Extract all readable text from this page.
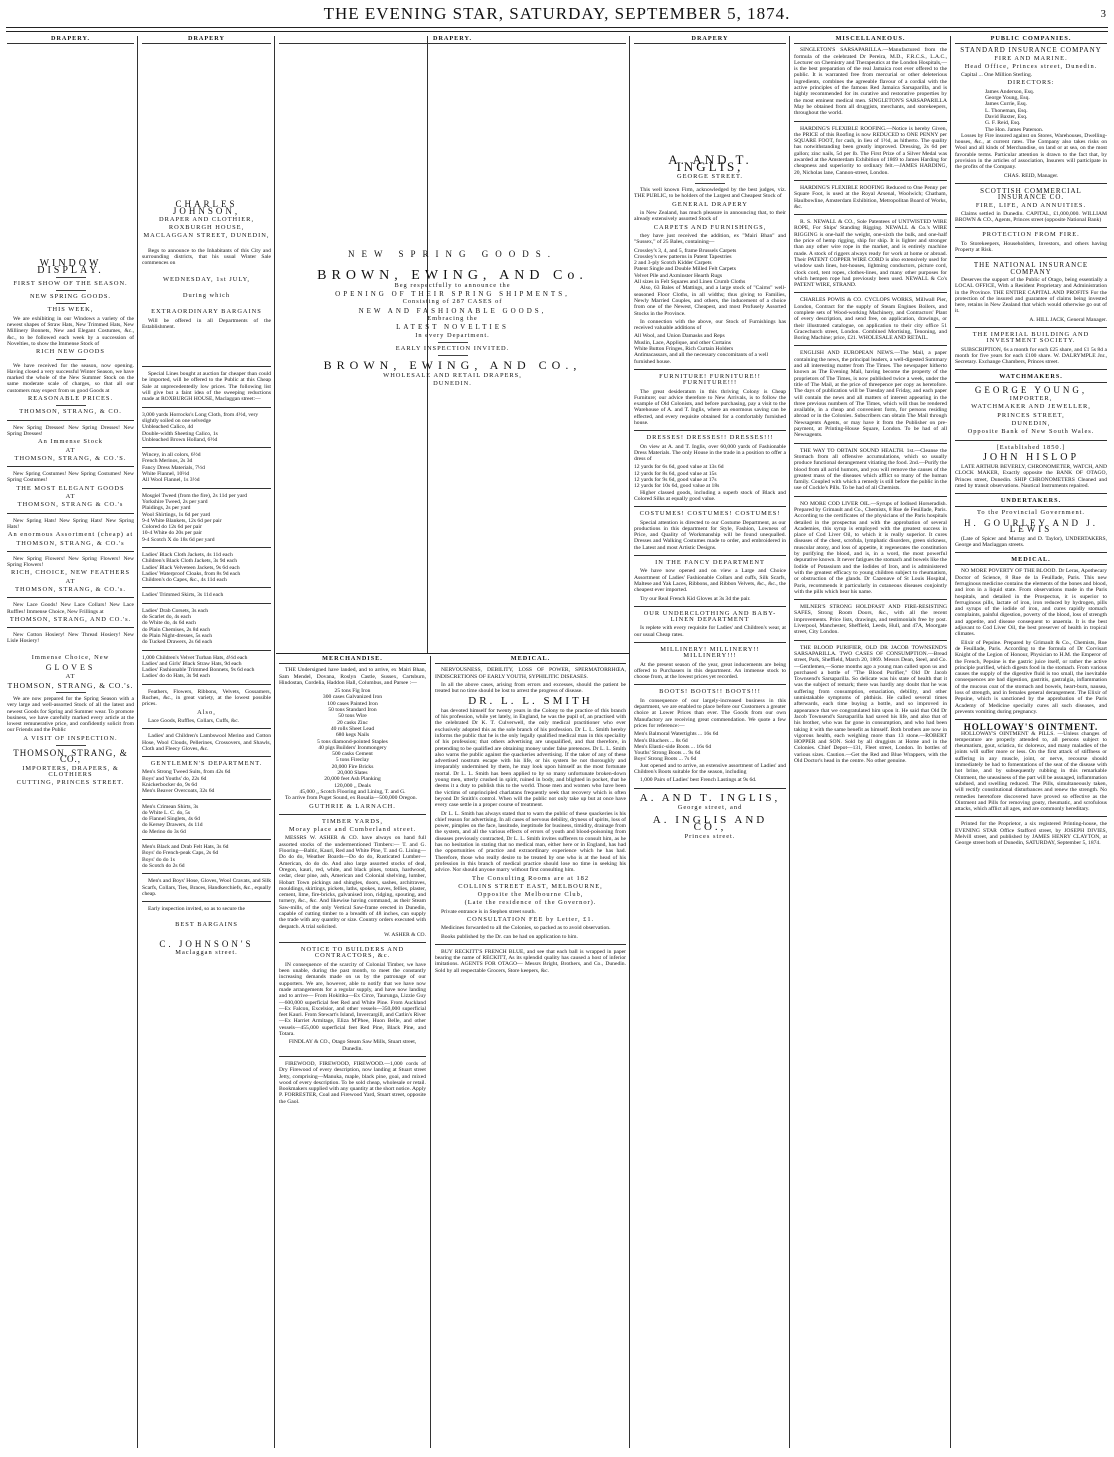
THE EVENING STAR, SATURDAY, SEPTEMBER 5, 1874.
DRAPERY.
WINDOW DISPLAY.
FIRST SHOW OF THE SEASON.
NEW SPRING GOODS.
THIS WEEK,
We are exhibiting in our Windows a variety of the newest shapes of Straw Hats, New Trimmed Hats, New Millinery Bonnets, New and Elegant Costumes, &c., &c., to be followed each week by a succession of Novelties, to show the Immense Stock of
RICH NEW GOODS
We have received for the season, now opening. Having closed a very successful Winter Season, we have marked the whole of the New Summer Stock on the same moderate scale of charges, so that all our customers may expect from us good Goods at
REASONABLE PRICES.
THOMSON, STRANG, & CO.
New Spring Dresses! New Spring Dresses! New Spring Dresses!
An Immense Stock
AT
THOMSON, STRANG, & CO.'S.
New Spring Costumes! New Spring Costumes! New Spring Costumes!
THE MOST ELEGANT GOODS
AT
THOMSON, STRANG & CO.'s
New Spring Hats! New Spring Hats! New Spring Hats!
An enormous Assortment (cheap) at
THOMSON, STRANG, & CO.'s
New Spring Flowers! New Spring Flowers! New Spring Flowers!
RICH, CHOICE, NEW FEATHERS
AT
THOMSON, STRANG, & CO.'s.
New Lace Goods! New Lace Collars! New Lace Ruffles! Immense Choice, New Frillings at
THOMSON, STRANG, AND CO.'s.
New Cotton Hosiery! New Thread Hosiery! New Lisle Hosiery!
Immense Choice, New
GLOVES
AT
THOMSON, STRANG, & CO.'s.
We are now prepared for the Spring Season with a very large and well-assorted Stock of all the latest and newest Goods for Spring and Summer wear. To promote business, we have carefully marked every article at the lowest remunerative price, and confidently solicit from our Friends and the Public
A VISIT OF INSPECTION.
THOMSON, STRANG, & CO.,
IMPORTERS, DRAPERS, & CLOTHIERS
CUTTING, PRINCES STREET.
DRAPERY
CHARLES JOHNSON,
DRAPER AND CLOTHIER,
ROXBURGH HOUSE,
MACLAGGAN STREET, DUNEDIN,
Begs to announce to the Inhabitants of this City and surrounding districts, that his usual Winter Sale commences on
WEDNESDAY, 1st JULY,
During which
EXTRAORDINARY BARGAINS
Will be offered in all Departments of the Establishment.
Special Lines bought at auction far cheaper than could be imported, will be offered to the Public at this Cheap Sale at unprecedentedly low prices. The following list will give but a faint idea of the sweeping reductions made at ROXBURGH HOUSE, Maclaggan street:—
3,000 yards Horrocks's Long Cloth, from 4½d, very slightly soiled on one selvedge
Unbleached Calico, 4d
Double-width Sheeting Calico, 1s
Unbleached Brown Holland, 6½d
Wincey, in all colors, 6½d
French Merinos, 2s 3d
Fancy Dress Materials, 7½d
White Flannel, 10½d
All Wool Flannel, 1s 3½d
Mosgiel Tweed (from the fire), 2s 11d per yard
Yorkshire Tweed, 2s per yard
Plaidings, 2s per yard
Wool Shirtings, 1s 6d per yard
9-4 White Blankets, 12s 6d per pair
Colored do 12s 6d per pair
10-4 White do 20s per pair
9-4 Scotch X do 18s 6d per yard
Ladies' Black Cloth Jackets, 4s 11d each
Children's Black Cloth Jackets, 3s 9d each
Ladies' Black Velveteen Jackets, 9s 6d each
Ladies' Waterproof Cloaks, from 8s 9d each
Children's do Capes, &c., 4s 11d each
Ladies' Trimmed Skirts, 3s 11d each
Ladies' Drab Corsets, 3s each
do Scarlet do, 4s each
do White do, 4s 6d each
do Plain Chemises, 2s 8d each
do Plain Night-dresses, 5s each
do Tucked Drawers, 2s 6d each
1,000 Children's Velvet Turban Hats, 4½d each
Ladies' and Girls' Black Straw Hats, 9d each
Ladies' Fashionable Trimmed Bonnets, 9s 6d each
Ladies' do do Hats, 3s 9d each
Feathers, Flowers, Ribbons, Velvets, Gossamers, Ruches, &c., in great variety, at the lowest possible prices.
Also,
Lace Goods, Ruffles, Collars, Cuffs, &c.
Ladies' and Children's Lambswool Merino and Cotton Hose, Wool Clouds, Pellerines, Crossovers, and Shawls, Cloth and Fleecy Gloves, &c.
GENTLEMEN'S DEPARTMENT.
Men's Strong Tweed Suits, from 42s 6d
Boys' and Youths' do, 22s 6d
Knickerbocker do, 9s 6d
Men's Beaver Overcoats, 32s 6d
Men's Crimean Shirts, 3s
do White L. C. do, 5s
do Flannel Singlets, 4s 6d
do Kersey Drawers, 4s 11d
do Merino do 3s 6d
Men's Black and Drab Felt Hats, 3s 6d
Boys' do French-peak Caps, 2s 6d
Boys' do do 1s
do Scotch do 2s 6d
Men's and Boys' Hose, Gloves, Wool Cravats, and Silk Scarfs, Collars, Ties, Braces, Handkerchiefs, &c., equally cheap.
Early inspection invited, so as to secure the
BEST BARGAINS
C. JOHNSON'S
Maclaggan street.
DRAPERY.
NEW SPRING GOODS.
BROWN, EWING, AND Co.
Beg respectfully to announce the
OPENING OF THEIR SPRING SHIPMENTS,
Consisting of 287 CASES of
NEW AND FASHIONABLE GOODS,
Embracing the
LATEST NOVELTIES
In every Department.
EARLY INSPECTION INVITED.
BROWN, EWING, AND CO.,
WHOLESALE AND RETAIL DRAPERS,
DUNEDIN.
MERCHANDISE.
THE Undersigned have landed, and to arrive, ex Mairi Bhan, Sam Mendel, Dovana, Roslyn Castle, Sussex, Cartsburn, Hindostan, Cordelia, Haddon Hall, Columbus, and Parsee :—
25 tons Fig Iron
300 cases Galvanized Iron
100 cases Painted Iron
50 tons Standard Iron
50 tons Wire
20 casks Zinc
40 rolls Sheet Lead
680 kegs Nails
5 tons diamond-pointed Staples
40 pigs Builders' Ironmongery
500 casks Cement
5 tons Fireclay
20,000 Fire Bricks
20,000 Slates
20,000 feet Ash Planking
120,000 ,, Deals
45,000 ,, Scotch Flooring and Lining, T. and G.
To arrive from Puget Sound, ex Rosalia—500,000 Oregon.
GUTHRIE & LARNACH.
TIMBER YARDS,
Moray place and Cumberland street.
MESSRS W. ASHER & CO. have always on hand full assorted stocks of the undermentioned Timbers:— T. and G. Flooring—Baltic, Kauri, Red and White Pine, T. and G. Lining—Do do do, Weather Boards—Do do do, Rusticated Lumber—American, do do do. And also large assorted stocks of deal, Oregon, kauri, red, white, and black pines, totara, hardwood, cedar, clear pine, ash, American and Colonial shelving, lumber, Hobart Town pickings and shingles, doors, sashes, architraves, mouldings, skirtings, pickets, laths, spokes, naves, fellies, plaster, cement, lime, fire-bricks, galvanised iron, ridging, spouting, and turnery, &c., &c. And likewise having command, as their Steam Saw-mills, of the only Vertical Saw-frame erected in Dunedin, capable of cutting timber to a breadth of 48 inches, can supply the trade with any quantity or size. Country orders executed with despatch. A trial solicited.
W. ASHER & CO.
NOTICE TO BUILDERS AND CONTRACTORS, &c.
IN consequence of the scarcity of Colonial Timber, we have been unable, during the past month, to meet the constantly increasing demands made on us by the patronage of our supporters. We are, however, able to notify that we have now made arrangements for a regular supply, and have now landing and to arrive— From Hokitika—Ex Circe, Taurunga, Lizzie Guy—600,000 superficial feet Red and White Pine. From Auckland—Ex Falcon, Excelsior, and other vessels—350,000 superficial feet Kauri. From Stewart's Island, Invercargill, and Catlin's River—Ex Harriet Armitage, Eliza M'Phee, Huon Belle, and other vessels—455,000 superficial feet Red Pine, Black Pine, and Totara.
FINDLAY & CO., Otago Steam Saw Mills, Stuart street, Dunedin.
FIREWOOD, FIREWOOD, FIREWOOD.—1,000 cords of Dry Firewood of every description, now landing at Stuart street Jetty, comprising—Manuka, maple, black pine, goai, and mixed wood of every description. To be sold cheap, wholesale or retail. Bookmakers supplied with any quantity at the short notice. Apply P. FORRESTER, Coal and Firewood Yard, Stuart street, opposite the Gaol.
MEDICAL.
NERVOUSNESS, DEBILITY, LOSS OF POWER, SPERMATORRHŒA, INDISCRETIONS OF EARLY YOUTH, SYPHILITIC DISEASES.
In all the above cases, arising from errors and excesses, should the patient be treated but no time should be lost to arrest the progress of disease.
DR. L. L. SMITH
has devoted himself for twenty years in the Colony to the practice of this branch of his profession, while yet lately, in England, he was the pupil of, an practised with the celebrated Dr K. T. Culverwell, the only medical practitioner who ever exclusively adopted this as the sole branch of his profession. Dr L. L. Smith hereby informs the public that he is the only legally qualified medical man in this speciality of his profession; that others advertising are unqualified, and that therefore, in pretending to be qualified are obtaining money under false pretences. Dr L. L. Smith also warns the public against the quackeries advertising. If the taker of any of these advertised nostrum escape with his life, or his system be not thoroughly and irreparably undermined by them, he may look upon himself as the most fortunate mortal. Dr L. L. Smith has been applied to by so many unfortunate broken-down young men, utterly crushed in spirit, ruined in body, and blighted in pocket, that he deems it a duty to publish this to the world. Those men and women who have been the victims of unprincipled charlatans frequently seek that recovery which is often beyond Dr Smith's control. When will the public not only take up but at once have every case settle in a proper course of treatment.
Dr L. L. Smith has always stated that to warn the public of these quackeries is his chief reason for advertising. In all cases of nervous debility, dryness of spirits, loss of power, pimples on the face, lassitude, ineptitude for business, timidity, drainage from the system, and all the various effects of errors of youth and blood-poisoning from diseases previously contracted, Dr L. L. Smith invites sufferers to consult him, as he has no hesitation in stating that no medical man, either here or in England, has had the opportunities of practice and extraordinary experience which he has had. Therefore, those who really desire to be treated by one who is at the head of his profession in this branch of medical practice should lose no time in seeking his advice. Nor should anyone marry without first consulting him.
The Consulting Rooms are at 182
COLLINS STREET EAST, MELBOURNE,
Opposite the Melbourne Club,
(Late the residence of the Governor).
Private entrance is in Stephen street south.
CONSULTATION FEE by Letter, £1.
Medicines forwarded to all the Colonies, so packed as to avoid observation.
Books published by the Dr. can be had on application to him.
BUY RECKITT'S FRENCH BLUE, and see that each ball is wrapped in paper bearing the name of RECKITT, As its splendid quality has caused a host of inferior imitations. AGENTS FOR OTAGO— Messrs Bright, Brothers, and Co., Dunedin. Sold by all respectable Grocers, Store keepers, &c.
DRAPERY
A. AND T. INGLIS,
GEORGE STREET.
This well known Firm, acknowledged by the best judges, viz. THE PUBLIC, to be holders of the Largest and Cheapest Stock of
GENERAL DRAPERY
in New Zealand, has much pleasure in announcing that, to their already extensively assorted Stock of
CARPETS AND FURNISHINGS,
they have just received the addition, ex "Mairi Bhan" and "Sussex," of 25 Bales, containing—
Crossley's 3, 4, and 5, frame Brussels Carpets
Crossley's new patterns in Patent Tapestries
2 and 3-ply Scotch Kidder Carpets
Patent Single and Double Milled Felt Carpets
Velvet Pile and Axminster Hearth Rugs
All sizes in Felt Squares and Linen Crumb Cloths
Also, 63 Bales of Mattings, and a large stock of "Cairns" well-seasoned Floor Cloths, in all widths; thus giving to Families, Newly Married Couples, and others, the inducement of a choice from one of the Newest, Cheapest, and most Profusely Assorted Stocks in the Province.
In connection with the above, our Stock of Furnishings has received valuable additions of
All Wool, and Union Damasks and Reps
Muslin, Lace, Applique, and other Curtains
White Button Fringes, Rich Curtain Holders
Antimacassars, and all the necessary concomitants of a well furnished house.
FURNITURE! FURNITURE!! FURNITURE!!!
The great desideratum in this thriving Colony is Cheap Furniture; our advice therefore to New Arrivals, is to follow the example of Old Colonists, and before purchasing, pay a visit to the Warehouse of A. and T. Inglis, where an enormous saving can be effected, and every requisite obtained for a comfortably furnished house.
DRESSES! DRESSES!! DRESSES!!!
On view at A. and T. Inglis, over 60,000 yards of Fashionable Dress Materials. The only House in the trade in a position to offer a dress of
12 yards for 6s 6d, good value at 13s 6d
12 yards for 8s 6d, good value at 15s
12 yards for 9s 6d, good value at 17s
12 yards for 10s 6d, good value at 18s
Higher classed goods, including a superb stock of Black and Colored Silks at equally good value.
COSTUMES! COSTUMES! COSTUMES!
Special attention is directed to our Costume Department, as our productions in this department for Style, Fashion, Lowness of Price, and Quality of Workmanship will be found unequalled. Dresses and Walking Costumes made to order, and embroidered in the Latest and most Artistic Designs.
IN THE FANCY DEPARTMENT
We have now opened and on view a Large and Choice Assortment of Ladies' Fashionable Collars and cuffs, Silk Scarfs, Maltese and Yak Laces, Ribbons, and Ribbon Velvets, &c., &c., the cheapest ever imported.
Try our Real French Kid Gloves at 3s 3d the pair.
OUR UNDERCLOTHING AND BABY-LINEN DEPARTMENT
Is replete with every requisite for Ladies' and Children's wear, at our usual Cheap rates.
MILLINERY! MILLINERY!! MILLINERY!!!
At the present season of the year, great inducements are being offered to Purchasers in this department. An immense stock to choose from, at the lowest prices yet recorded.
BOOTS! BOOTS!! BOOTS!!!
In consequence of our largely-increased business in this department, we are enabled to place before our Customers a greater choice at Lower Prices than ever. The Goods from our own Manufactory are receiving great commendation. We quote a few prices for reference:—
Men's Balmoral Watertights ... 16s 6d
Men's Bluchers ... 8s 6d
Men's Elastic-side Boots ... 16s 6d
Youths' Strong Boots ... 9s 6d
Boys' Strong Boots ... 7s 6d
Just opened and to arrive, an extensive assortment of Ladies' and Children's Boots suitable for the season, including
1,000 Pairs of Ladies' best French Lastings at 9s 6d.
A. AND T. INGLIS,
George street, and
A. INGLIS AND CO.,
Princes street.
MISCELLANEOUS.
SINGLETON'S SARSAPARILLA.—Manufactured from the formula of the celebrated Dr Pereira, M.D., F.R.C.S., L.A.C., Lecturer on Chemistry and Therapeutics at the London Hospitals,—is the best preparation of the real Jamaica root ever offered to the public. It is warranted free from mercurial or other deleterious ingredients, combines the agreeable flavour of a cordial with the active principles of the famous Red Jamaica Sarsaparilla, and is highly recommended for its curative and restorative properties by the most eminent medical men. SINGLETON'S SARSAPARILLA May be obtained from all druggists, merchants, and storekeepers, throughout the world.
HARDING'S FLEXIBLE ROOFING.—Notice is hereby Given, the PRICE of this Roofing is now REDUCED to ONE PENNY per SQUARE FOOT, for cash, in lieu of 1½d, as hitherto. The quality has notwithstanding been greatly improved. Dressing, 2s 6d per gallon; zinc nails, 5d per lb. The First Prize of a Silver Medal was awarded at the Amsterdam Exhibition of 1869 to James Harding for cheapness and superiority to ordinary felt.—JAMES HARDING, 20, Nicholas lane, Cannon-street, London.
HARDING'S FLEXIBLE ROOFING Reduced to One Penny per Square Foot, is used at the Royal Arsenal, Woolwich; Chatham, Haulbowline, Amsterdam Exhibition, Metropolitan Board of Works, &c.
R. S. NEWALL & CO., Sole Patentees of UNTWISTED WIRE ROPE, For Ships' Standing Rigging. NEWALL & Co.'s WIRE RIGGING is one-half the weight, one-sixth the bulk, and one-half the price of hemp rigging, ship for ship. It is lighter and stronger than any other wire rope in the market, and is entirely machine made. A stock of riggers always ready for work at home or abroad. Their PATENT COPPER WIRE CORD is also extensively used for window sash lines, hot-houses, lightning conductors, picture cord, clock cord, tent ropes, clothes-lines, and many other purposes for which hempen rope had previously been used. NEWALL & Co's PATENT WIRE, STRAND.
CHARLES POWIS & CO. CYCLOPS WORKS, Millwall Pier, London, Contract for the supply of Steam Engines Boilers, and complete sets of Wood-working Machinery, and Contractors' Plant of every description, and send free, on application, drawings, or their illustrated catalogue, on application to their city office 51 Gracechurch street, London. Combined Mortising, Tenoning, and Boring Machine; price, £21. WHOLESALE AND RETAIL.
ENGLISH AND EUROPEAN NEWS.—The Mail, a paper containing the news, the principal leaders, a well-digested Summary and all interesting matter from The Times. The newspaper hitherto known as The Evening Mail, having become the property of the proprietors of The Times, is now published twice a week, under the title of The Mail, at the price of threepence per copy as heretofore. The days of publication will be Tuesday and Friday, and each paper will contain the news and all matters of interest appearing in the three previous numbers of The Times, which will thus be rendered available, in a cheap and convenient form, for persons residing abroad or in the Colonies. Subscribers can obtain The Mail through Newsagents Agents, or may have it from the Publisher on pre-payment, at Printing-House Square, London. To be had of all Newsagents.
THE WAY TO OBTAIN SOUND HEALTH. 1st.—Cleanse the Stomach from all offensive accumulations, which so usually produce functional derangement vitiating the food. 2nd.—Purify the blood from all acrid humors, and you will remove the causes of the greatest mass of the diseases which afflict so many of the human family. Coupled with which a remedy is still before the public in the use of Cockle's Pills. To be had of all Chemists.
NO MORE COD LIVER OIL.—Syrups of Iodised Horseradish. Prepared by Grimault and Co., Chemists, 8 Rue de Feuillade, Paris. According to the certificates of the physicians of the Paris hospitals detailed in the prospectus and with the approbation of several Academies, this syrup is employed with the greatest success in place of Cod Liver Oil, to which it is really superior. It cures diseases of the chest, scrofula, lymphatic disorders, green sickness, muscular atony, and loss of appetite, it regenerates the constitution by purifying the blood, and is, in a word, the most powerful depurative known. It never fatigues the stomach and bowels like the Iodide of Potassium and the Iodides of Iron, and is administered with the greatest efficacy to young children subject to rheumatism, or obstruction of the glands. Dr Cazenave of St Louis Hospital, Paris, recommends it particularly in cutaneous diseases conjointly with the pills which bear his name.
MILNER'S STRONG HOLDFAST AND FIRE-RESISTING SAFES, Strong Room Doors, &c., with all the recent improvements. Price lists, drawings, and testimonials free by post. Liverpool, Manchester, Sheffield, Leeds, Hull, and 47A, Moorgate street, City London.
THE BLOOD PURIFIER, OLD DR JACOB TOWNSEND'S SARSAPARILLA. TWO CASES OF CONSUMPTION.—Bread street, Park, Sheffield, March 20, 1869. Messrs Dean, Steel, and Co.—Gentlemen,—Some months ago a young man called upon us and purchased a bottle of "The Blood Purifier," Old Dr Jacob Townsend's Sarsaparilla. So delicate was his state of health that it was the subject of remark; there was hardly any doubt that he was suffering from consumption, emaciation, debility, and other unmistakable symptoms of phthisis. He called several times afterwards, each time buying a bottle, and so improved in appearance that we congratulated him upon it. He said that Old Dr Jacob Townsend's Sarsaparilla had saved his life, and also that of his brother, who was far gone in consumption, and who had been taking it with the same benefit as himself. Both brothers are now in vigorous health, each weighing more than 13 stone.—ROBERT HOPPER and SON. Sold by all druggists at Home and in the Colonies. Chief Depot—131, Fleet street, London. In bottles of various sizes. Caution.—Get the Red and Blue Wrappers, with the Old Doctor's head in the centre. No other genuine.
PUBLIC COMPANIES.
STANDARD INSURANCE COMPANY
FIRE AND MARINE.
Head Office, Princes street, Dunedin.
Capital ... One Million Sterling.
DIRECTORS:
James Anderson, Esq.
George Young, Esq.
James Currie, Esq.
L. Thoneman, Esq.
David Baxter, Esq.
G. F. Reid, Esq.
The Hon. James Paterson.
Losses by Fire insured against on Stores, Warehouses, Dwelling-houses, &c., at current rates. The Company also takes risks on Wool and all kinds of Merchandise, on land or at sea, on the most favorable terms. Particular attention is drawn to the fact that, by provision in the articles of association, Insurers will participate in the profits of the Company.
CHAS. REID, Manager.
SCOTTISH COMMERCIAL INSURANCE CO.
FIRE, LIFE, AND ANNUITIES.
Claims settled in Dunedin. CAPITAL, £1,000,000. WILLIAM BROWN & CO., Agents, Princes street (opposite National Bank)
PROTECTION FROM FIRE.
To Storekeepers, Householders, Investors, and others having Property at Risk.
THE NATIONAL INSURANCE COMPANY
Deserves the support of the Public of Otago, being essentially a LOCAL OFFICE, With a Resident Proprietary and Administration in the Province. THE ENTIRE CAPITAL AND PROFITS For the protection of the insured and guarantee of claims being invested here, retains in New Zealand that which would otherwise go out of it.
A. HILL JACK, General Manager.
THE IMPERIAL BUILDING AND INVESTMENT SOCIETY.
SUBSCRIPTION, 6s a month for each £25 share, and £1 5s 8d a month for five years for each £100 share. W. DALRYMPLE Jnr., Secretary. Exchange Chambers, Princes street.
WATCHMAKERS.
GEORGE YOUNG,
IMPORTER,
WATCHMAKER AND JEWELLER,
PRINCES STREET,
DUNEDIN,
Opposite Bank of New South Wales.
[Established 1850.]
JOHN HISLOP
LATE ARTHUR BEVERLY, CHRONOMETER, WATCH, AND CLOCK MAKER, Exactly opposite the BANK OF OTAGO, Princes street, Dunedin. SHIP CHRONOMETERS Cleaned and rated by transit observations. Nautical Instruments repaired.
UNDERTAKERS.
To the Provincial Government.
H. GOURLEY AND J. LEWIS
(Late of Spicer and Murray and D. Taylor), UNDERTAKERS, George and Maclaggan streets.
MEDICAL.
NO MORE POVERTY OF THE BLOOD. Dr Leras, Apothecary Doctor of Science, 8 Rue de la Feuillade, Paris. This new ferruginous medicine contains the elements of the bones and blood, and iron in a liquid state. From observations made in the Paris hospitals, and detailed in the Prospectus, it is superior to ferruginous pills, lactate of iron, iron reduced by hydrogen, pills and syrups of the iodide of iron, and cures rapidly stomach complaints, painful digestion, poverty of the blood, loss of strength and appetite, and disease consequent to anaemia. It is the best adjuvant to Cod Liver Oil, the best preserver of health in tropical climates.
Elixir of Pepsine. Prepared by Grimault & Co., Chemists, Rue de Feuillade, Paris. According to the formula of Dr Corvisart Knight of the Legion of Honour, Physician to H.M. the Emperor of the French, Pepsine is the gastric juice itself, or rather the active principle purified, which digests food in the stomach. From various causes the supply of the digestive fluid is too small, the inevitable consequences are bad digestion, gastritis, gastralgia, inflammation of the mucous coat of the stomach and bowels, heart-burn, nausea, loss of strength, and in females general derangement. The Elixir of Pepsine, which is sanctioned by the approbation of the Paris Academy of Medicine specially cures all such diseases, and prevents vomiting during pregnancy.
HOLLOWAY'S OINTMENT.
HOLLOWAY'S OINTMENT & PILLS. —Unless changes of temperature are properly attended to, all persons subject to rheumatism, gout, sciatica, tic doloreux, and many maladies of the joints will suffer more or less. On the first attack of stiffness or suffering in any muscle, joint, or nerve, recourse should immediately be had to fomentations of the seat of the disease with hot brine, and by subsequently rubbing in this remarkable Ointment, the uneasiness of the part will be assuaged, inflammation subdued, and swelling reduced. The Pills, simultaneously taken, will rectify constitutional disturbances and renew the strength. No remedies heretofore discovered have proved so effective as the Ointment and Pills for removing gouty, rheumatic, and scrofulous attacks, which afflict all ages, and are commonly hereditary.
Printed for the Proprietor, a six registered Printing-house, the EVENING STAR Office Stafford street, by JOSEPH DIVIES, Melvill street, and published by JAMES HENRY CLAYTON, at George street both of Dunedin, SATURDAY, September 5, 1874.
3
